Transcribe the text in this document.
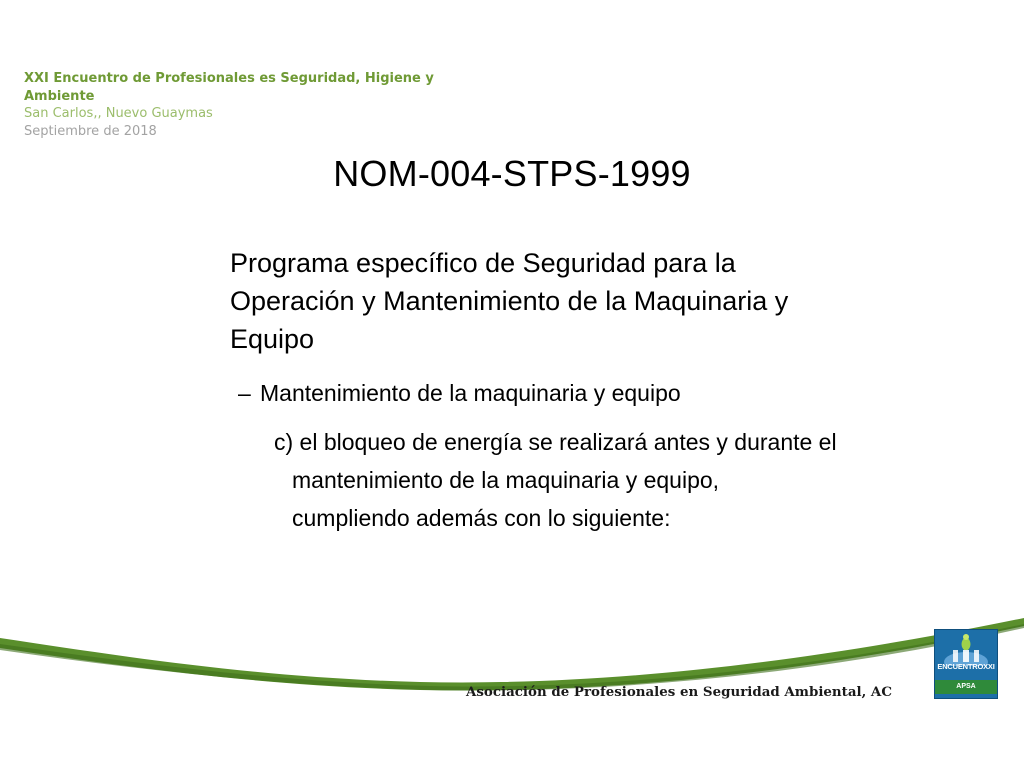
XXI Encuentro de Profesionales es Seguridad, Higiene y
Ambiente
San Carlos,, Nuevo Guaymas
Septiembre de 2018
NOM-004-STPS-1999
Programa específico de Seguridad para la Operación y Mantenimiento de la Maquinaria y Equipo
– Mantenimiento de la maquinaria y equipo
c) el bloqueo de energía se realizará antes y durante el mantenimiento de la maquinaria y equipo, cumpliendo además con lo siguiente:
Asociación de Profesionales en Seguridad Ambiental, AC
ENCUENTROXXI
APSA
